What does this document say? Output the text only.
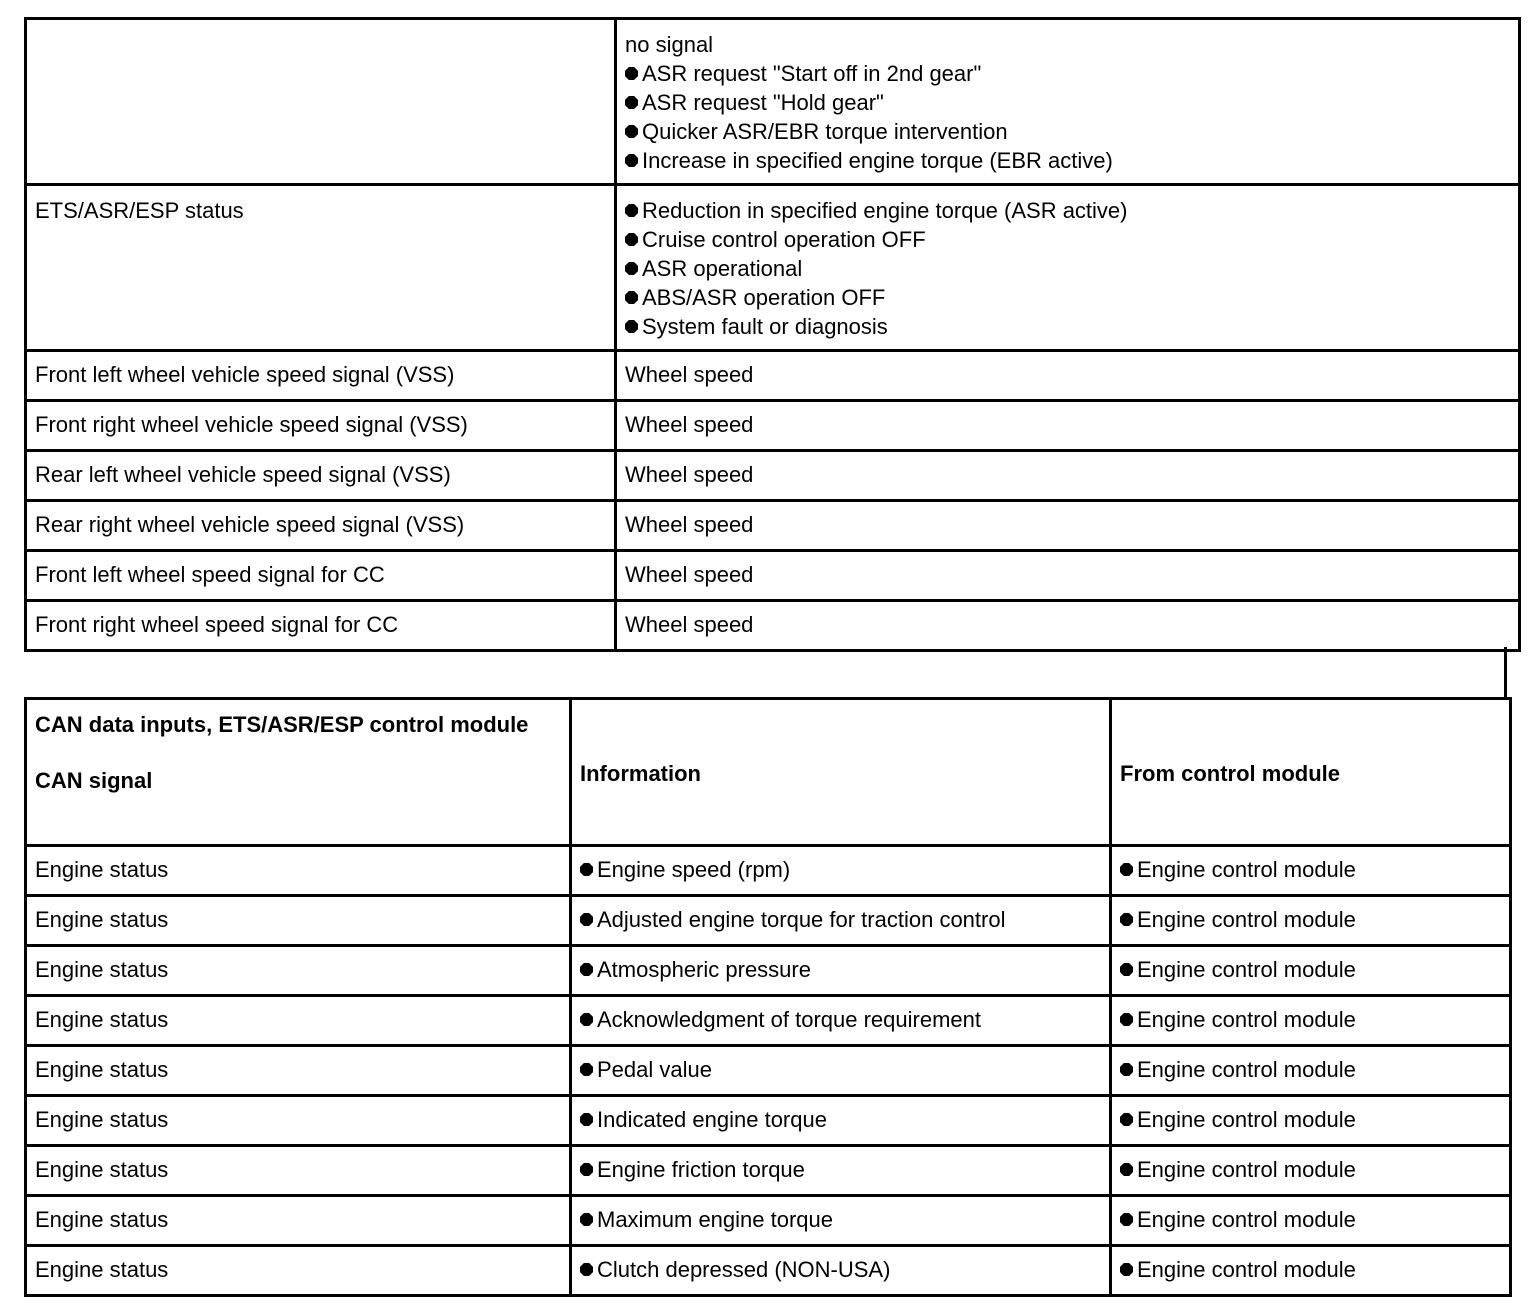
	no signal
ASR request "Start off in 2nd gear"
ASR request "Hold gear"
Quicker ASR/EBR torque intervention
Increase in specified engine torque (EBR active)

ETS/ASR/ESP status	Reduction in specified engine torque (ASR active)
Cruise control operation OFF
ASR operational
ABS/ASR operation OFF
System fault or diagnosis

Front left wheel vehicle speed signal (VSS)	Wheel speed
Front right wheel vehicle speed signal (VSS)	Wheel speed
Rear left wheel vehicle speed signal (VSS)	Wheel speed
Rear right wheel vehicle speed signal (VSS)	Wheel speed
Front left wheel speed signal for CC	Wheel speed
Front right wheel speed signal for CC	Wheel speed
CAN data inputs, ETS/ASR/ESP control module
CAN signal	Information	From control module
Engine status	Engine speed (rpm)	Engine control module
Engine status	Adjusted engine torque for traction control	Engine control module
Engine status	Atmospheric pressure	Engine control module
Engine status	Acknowledgment of torque requirement	Engine control module
Engine status	Pedal value	Engine control module
Engine status	Indicated engine torque	Engine control module
Engine status	Engine friction torque	Engine control module
Engine status	Maximum engine torque	Engine control module
Engine status	Clutch depressed (NON-USA)	Engine control module
